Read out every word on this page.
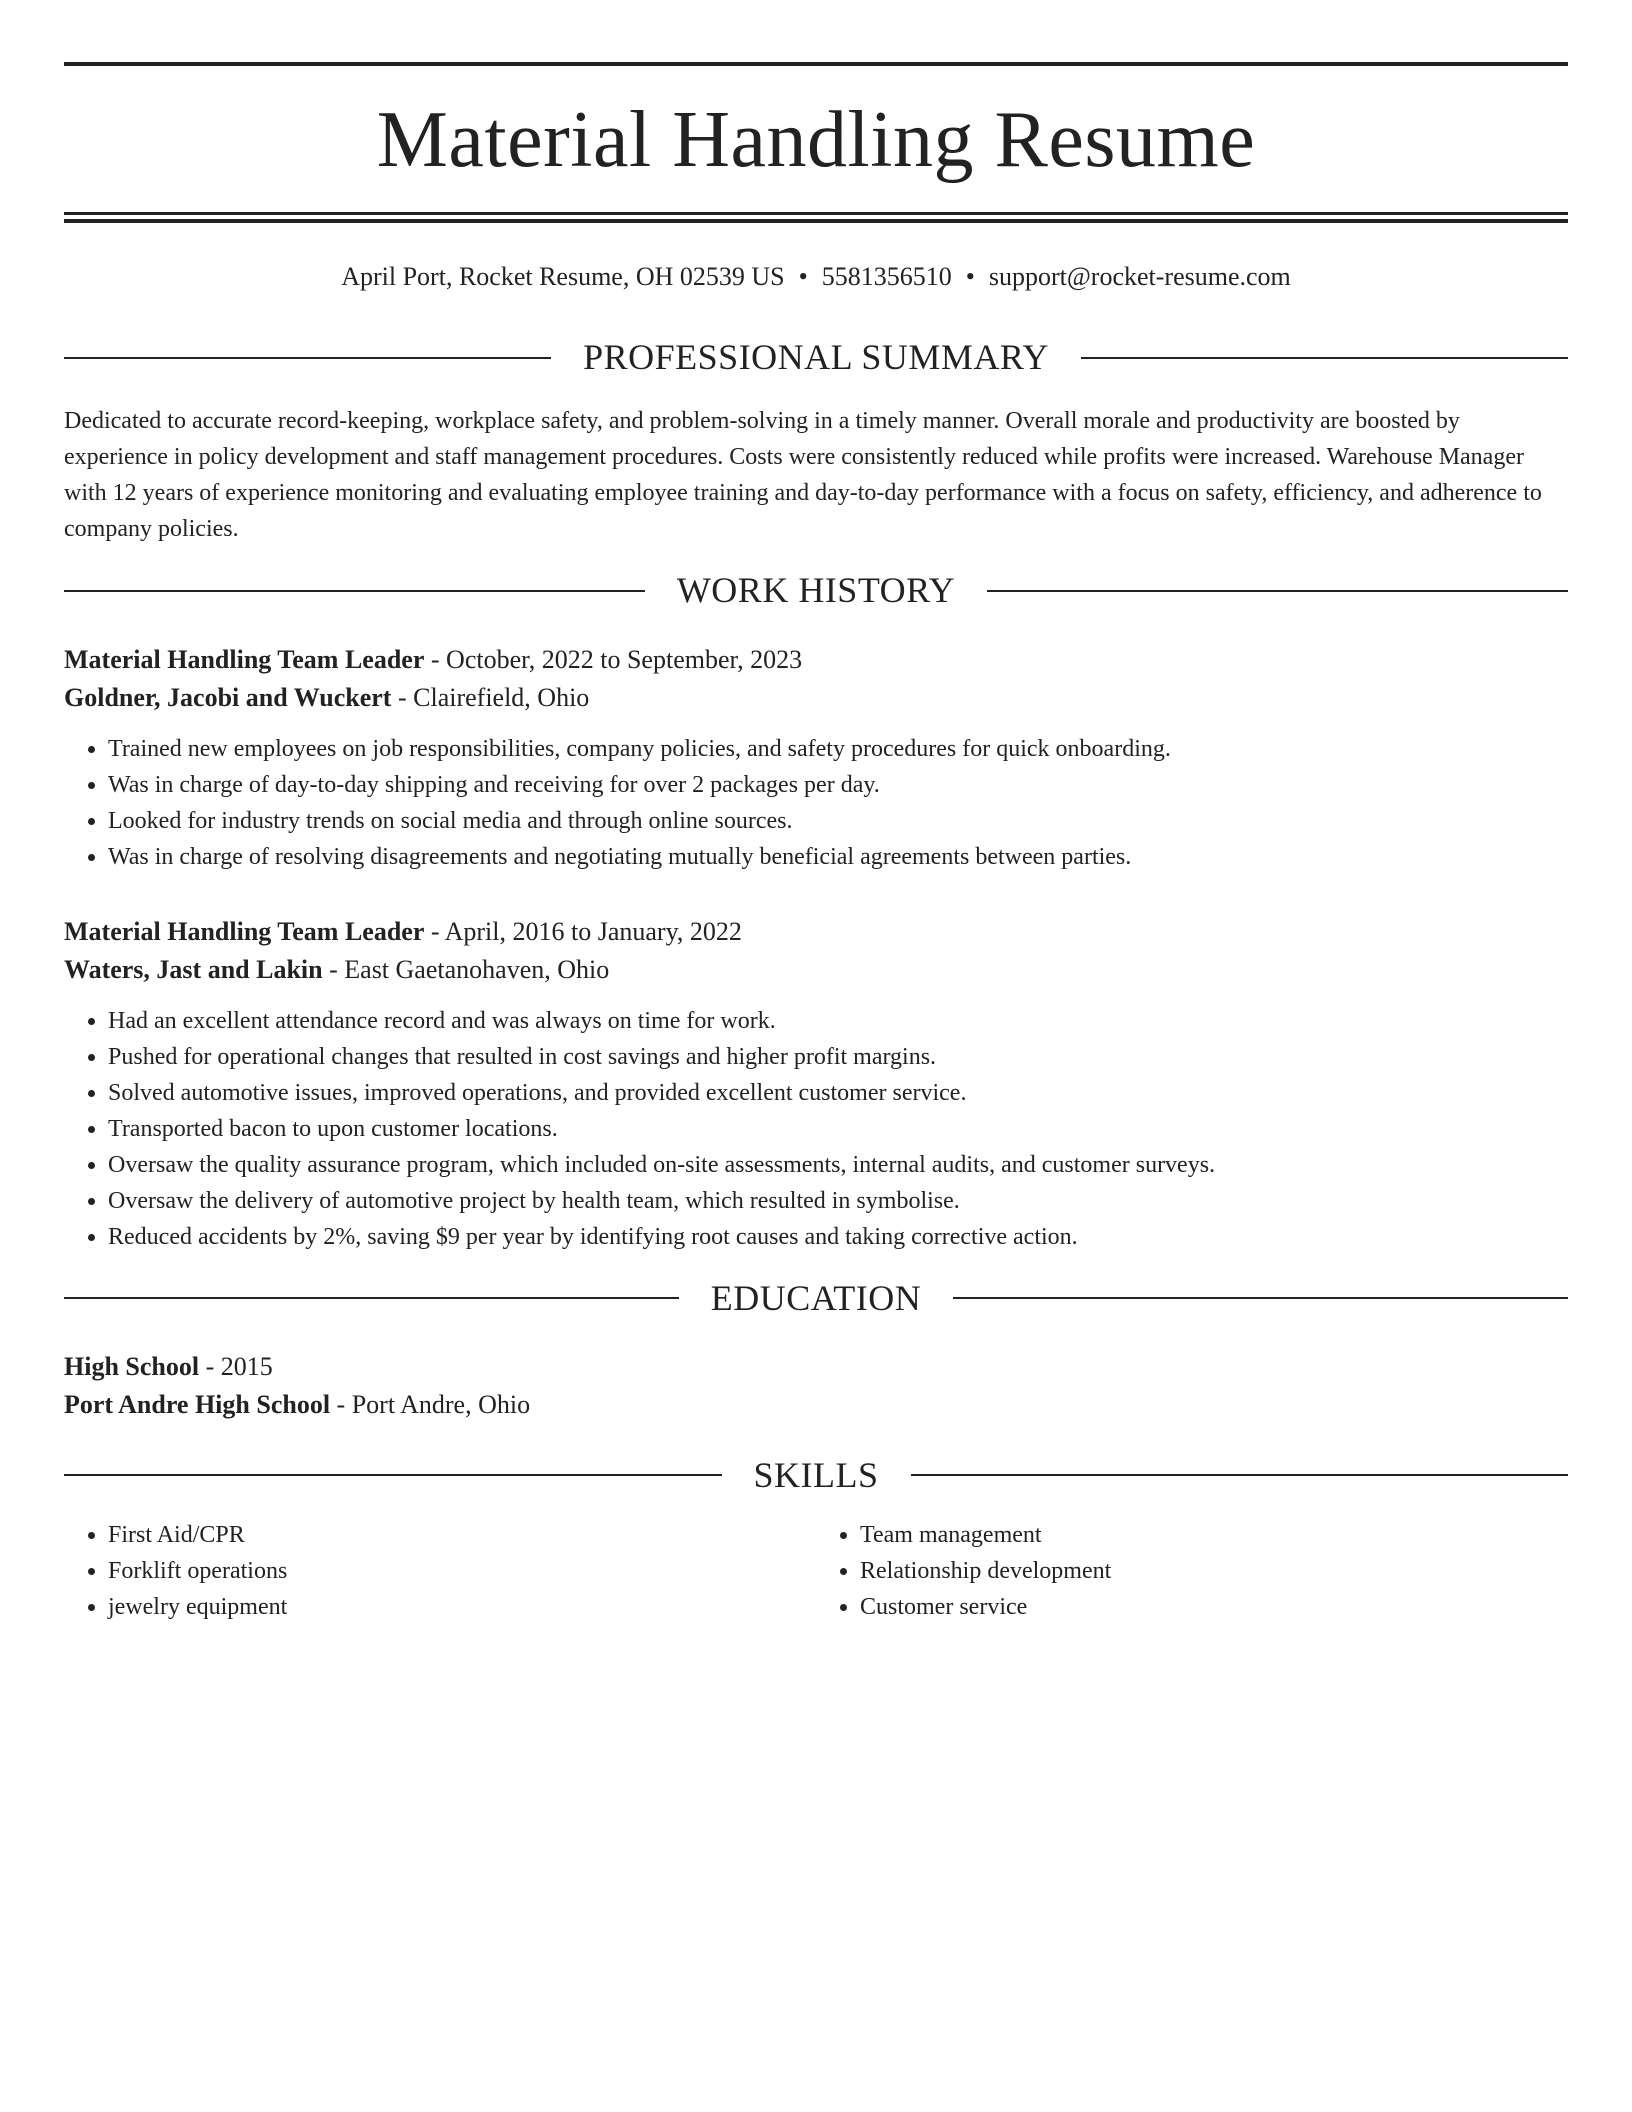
Material Handling Resume
April Port, Rocket Resume, OH 02539 US • 5581356510 • support@rocket-resume.com
PROFESSIONAL SUMMARY

Dedicated to accurate record-keeping, workplace safety, and problem-solving in a timely manner. Overall morale and productivity are boosted by experience in policy development and staff management procedures. Costs were consistently reduced while profits were increased. Warehouse Manager with 12 years of experience monitoring and evaluating employee training and day-to-day performance with a focus on safety, efficiency, and adherence to company policies.

WORK HISTORY
Material Handling Team Leader - October, 2022 to September, 2023
Goldner, Jacobi and Wuckert - Clairefield, Ohio
• Trained new employees on job responsibilities, company policies, and safety procedures for quick onboarding.
• Was in charge of day-to-day shipping and receiving for over 2 packages per day.
• Looked for industry trends on social media and through online sources.
• Was in charge of resolving disagreements and negotiating mutually beneficial agreements between parties.
Material Handling Team Leader - April, 2016 to January, 2022
Waters, Jast and Lakin - East Gaetanohaven, Ohio
• Had an excellent attendance record and was always on time for work.
• Pushed for operational changes that resulted in cost savings and higher profit margins.
• Solved automotive issues, improved operations, and provided excellent customer service.
• Transported bacon to upon customer locations.
• Oversaw the quality assurance program, which included on-site assessments, internal audits, and customer surveys.
• Oversaw the delivery of automotive project by health team, which resulted in symbolise.
• Reduced accidents by 2%, saving $9 per year by identifying root causes and taking corrective action.
EDUCATION
High School - 2015
Port Andre High School - Port Andre, Ohio
SKILLS
• First Aid/CPR
• Forklift operations
• jewelry equipment
• Team management
• Relationship development
• Customer service
